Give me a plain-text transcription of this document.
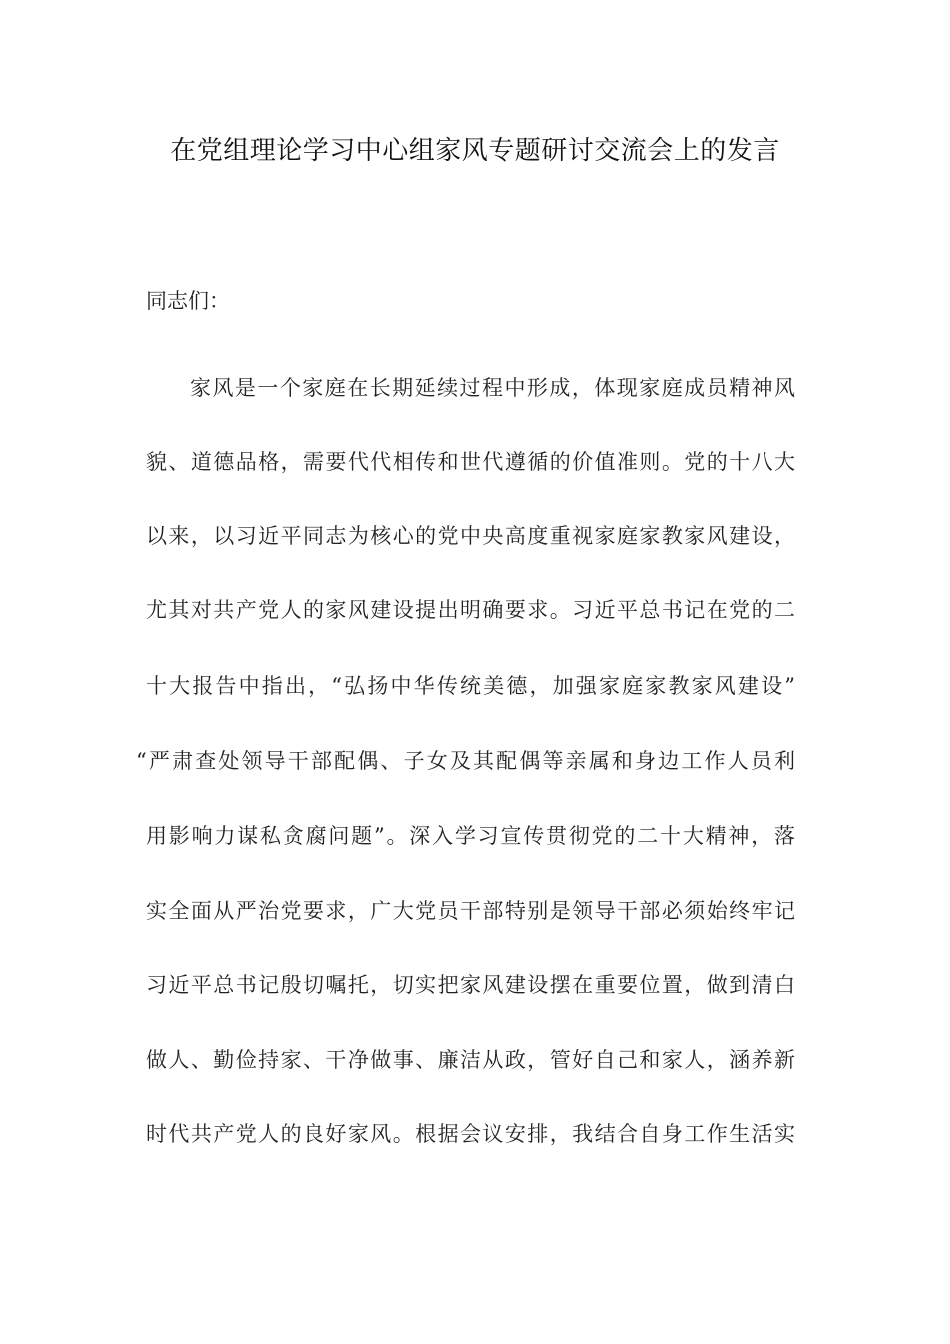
在党组理论学习中心组家风专题研讨交流会上的发言
同志们：
家风是一个家庭在长期延续过程中形成，体现家庭成员精神风
貌、道德品格，需要代代相传和世代遵循的价值准则。党的十八大
以来，以习近平同志为核心的党中央高度重视家庭家教家风建设，
尤其对共产党人的家风建设提出明确要求。习近平总书记在党的二
十大报告中指出，“弘扬中华传统美德，加强家庭家教家风建设”
“严肃查处领导干部配偶、子女及其配偶等亲属和身边工作人员利
用影响力谋私贪腐问题”。深入学习宣传贯彻党的二十大精神，落
实全面从严治党要求，广大党员干部特别是领导干部必须始终牢记
习近平总书记殷切嘱托，切实把家风建设摆在重要位置，做到清白
做人、勤俭持家、干净做事、廉洁从政，管好自己和家人，涵养新
时代共产党人的良好家风。根据会议安排，我结合自身工作生活实
